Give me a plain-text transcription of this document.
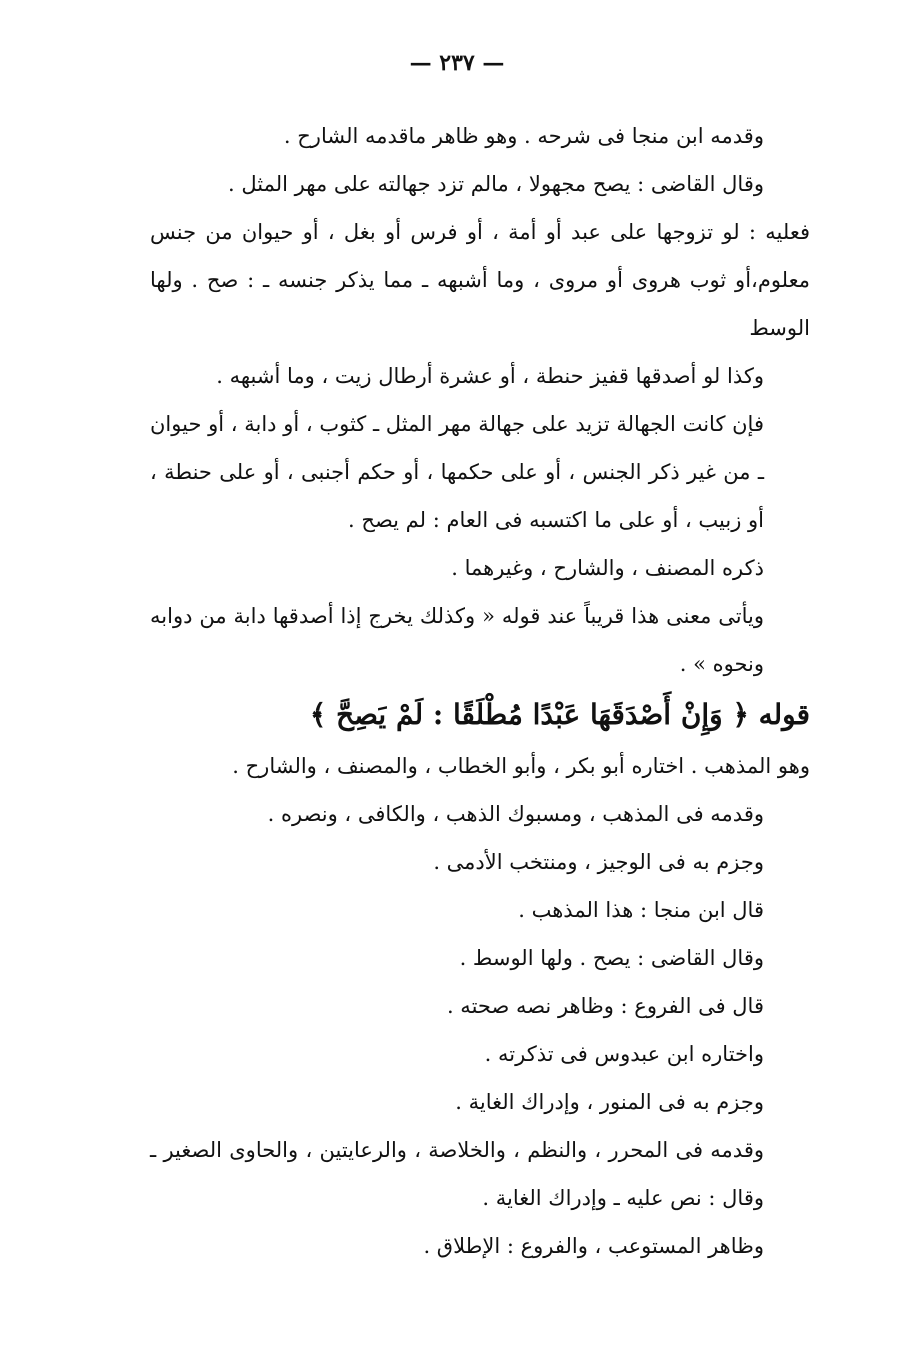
— ٢٣٧ —

وقدمه ابن منجا فى شرحه . وهو ظاهر ماقدمه الشارح .

وقال القاضى : يصح مجهولا ، مالم تزد جهالته على مهر المثل .

فعليه : لو تزوجها على عبد أو أمة ، أو فرس أو بغل ، أو حيوان من جنس معلوم،أو ثوب هروى أو مروى ، وما أشبهه ـ مما يذكر جنسه ـ : صح . ولها الوسط

وكذا لو أصدقها قفيز حنطة ، أو عشرة أرطال زيت ، وما أشبهه .

فإن كانت الجهالة تزيد على جهالة مهر المثل ـ كثوب ، أو دابة ، أو حيوان ـ من غير ذكر الجنس ، أو على حكمها ، أو حكم أجنبى ، أو على حنطة ، أو زبيب ، أو على ما اكتسبه فى العام : لم يصح .

ذكره المصنف ، والشارح ، وغيرهما .

ويأتى معنى هذا قريباً عند قوله « وكذلك يخرج إذا أصدقها دابة من دوابه ونحوه » .

قوله ﴿ وَإِنْ أَصْدَقَهَا عَبْدًا مُطْلَقًا : لَمْ يَصِحَّ ﴾

وهو المذهب . اختاره أبو بكر ، وأبو الخطاب ، والمصنف ، والشارح .

وقدمه فى المذهب ، ومسبوك الذهب ، والكافى ، ونصره .

وجزم به فى الوجيز ، ومنتخب الأدمى .

قال ابن منجا : هذا المذهب .

وقال القاضى : يصح . ولها الوسط .

قال فى الفروع : وظاهر نصه صحته .

واختاره ابن عبدوس فى تذكرته .

وجزم به فى المنور ، وإدراك الغاية .

وقدمه فى المحرر ، والنظم ، والخلاصة ، والرعايتين ، والحاوى الصغير ـ وقال : نص عليه ـ وإدراك الغاية .

وظاهر المستوعب ، والفروع : الإطلاق .
